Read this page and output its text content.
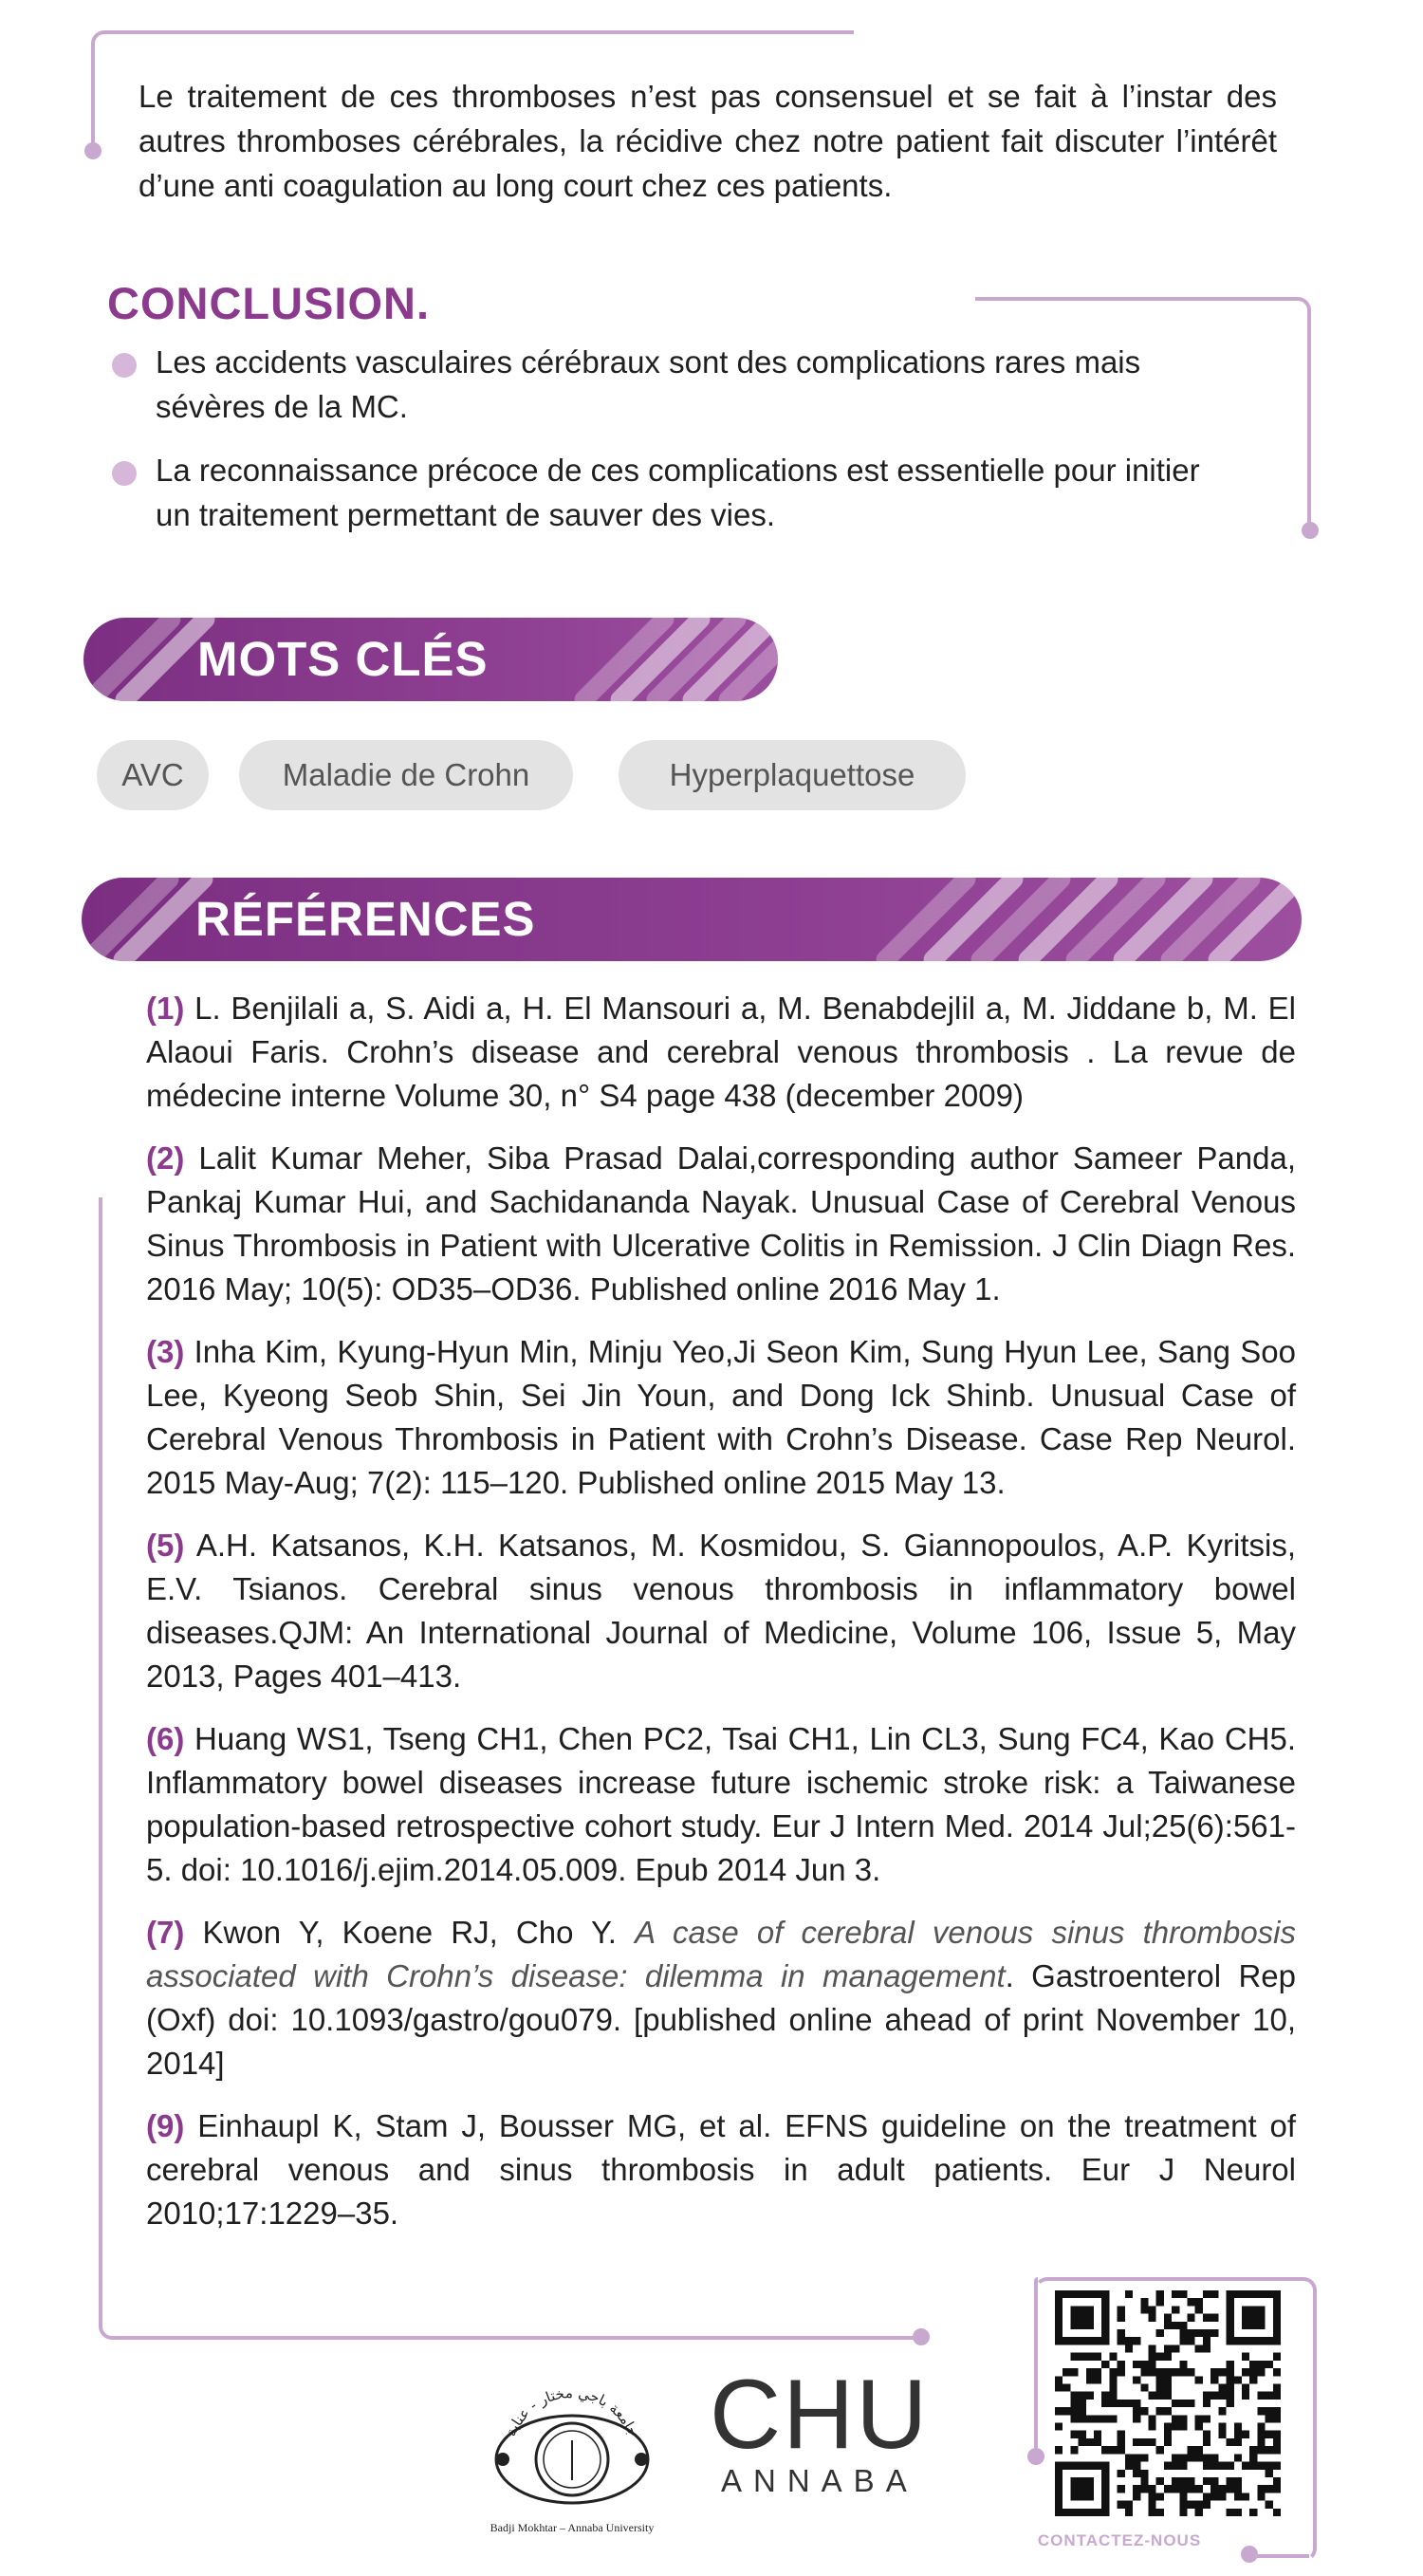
Le traitement de ces thromboses n’est pas consensuel et se fait à l’instar des autres thromboses cérébrales, la récidive chez notre patient fait discuter l’intérêt d’une anti coagulation au long court chez ces patients.
CONCLUSION.
Les accidents vasculaires cérébraux sont des complications rares mais sévères de la MC.
La reconnaissance précoce de ces complications est essentielle pour initier un traitement permettant de sauver des vies.
MOTS CLÉS
AVC	Maladie de Crohn	Hyperplaquettose
RÉFÉRENCES
(1) L. Benjilali a, S. Aidi a, H. El Mansouri a, M. Benabdejlil a, M. Jiddane b, M. El Alaoui Faris. Crohn’s disease and cerebral venous thrombosis . La revue de médecine interne Volume 30, n° S4 page 438 (december 2009)
(2) Lalit Kumar Meher, Siba Prasad Dalai,corresponding author Sameer Panda, Pankaj Kumar Hui, and Sachidananda Nayak. Unusual Case of Cerebral Venous Sinus Thrombosis in Patient with Ulcerative Colitis in Remission. J Clin Diagn Res. 2016 May; 10(5): OD35–OD36. Published online 2016 May 1.
(3) Inha Kim, Kyung-Hyun Min, Minju Yeo,Ji Seon Kim, Sung Hyun Lee, Sang Soo Lee, Kyeong Seob Shin, Sei Jin Youn, and Dong Ick Shinb. Unusual Case of Cerebral Venous Thrombosis in Patient with Crohn’s Disease. Case Rep Neurol. 2015 May-Aug; 7(2): 115–120. Published online 2015 May 13.
(5) A.H. Katsanos, K.H. Katsanos, M. Kosmidou, S. Giannopoulos, A.P. Kyritsis, E.V. Tsianos. Cerebral sinus venous thrombosis in inflammatory bowel diseases.QJM: An International Journal of Medicine, Volume 106, Issue 5, May 2013, Pages 401–413.
(6) Huang WS1, Tseng CH1, Chen PC2, Tsai CH1, Lin CL3, Sung FC4, Kao CH5. Inflammatory bowel diseases increase future ischemic stroke risk: a Taiwanese population-based retrospective cohort study. Eur J Intern Med. 2014 Jul;25(6):561-5. doi: 10.1016/j.ejim.2014.05.009. Epub 2014 Jun 3.
(7) Kwon Y, Koene RJ, Cho Y. A case of cerebral venous sinus thrombosis associated with Crohn’s disease: dilemma in management. Gastroenterol Rep (Oxf) doi: 10.1093/gastro/gou079. [published online ahead of print November 10, 2014]
(9) Einhaupl K, Stam J, Bousser MG, et al. EFNS guideline on the treatment of cerebral venous and sinus thrombosis in adult patients. Eur J Neurol 2010;17:1229–35.
جامعة باجي مختار - عنابة
Badji Mokhtar – Annaba University
CHU
ANNABA
CONTACTEZ-NOUS
